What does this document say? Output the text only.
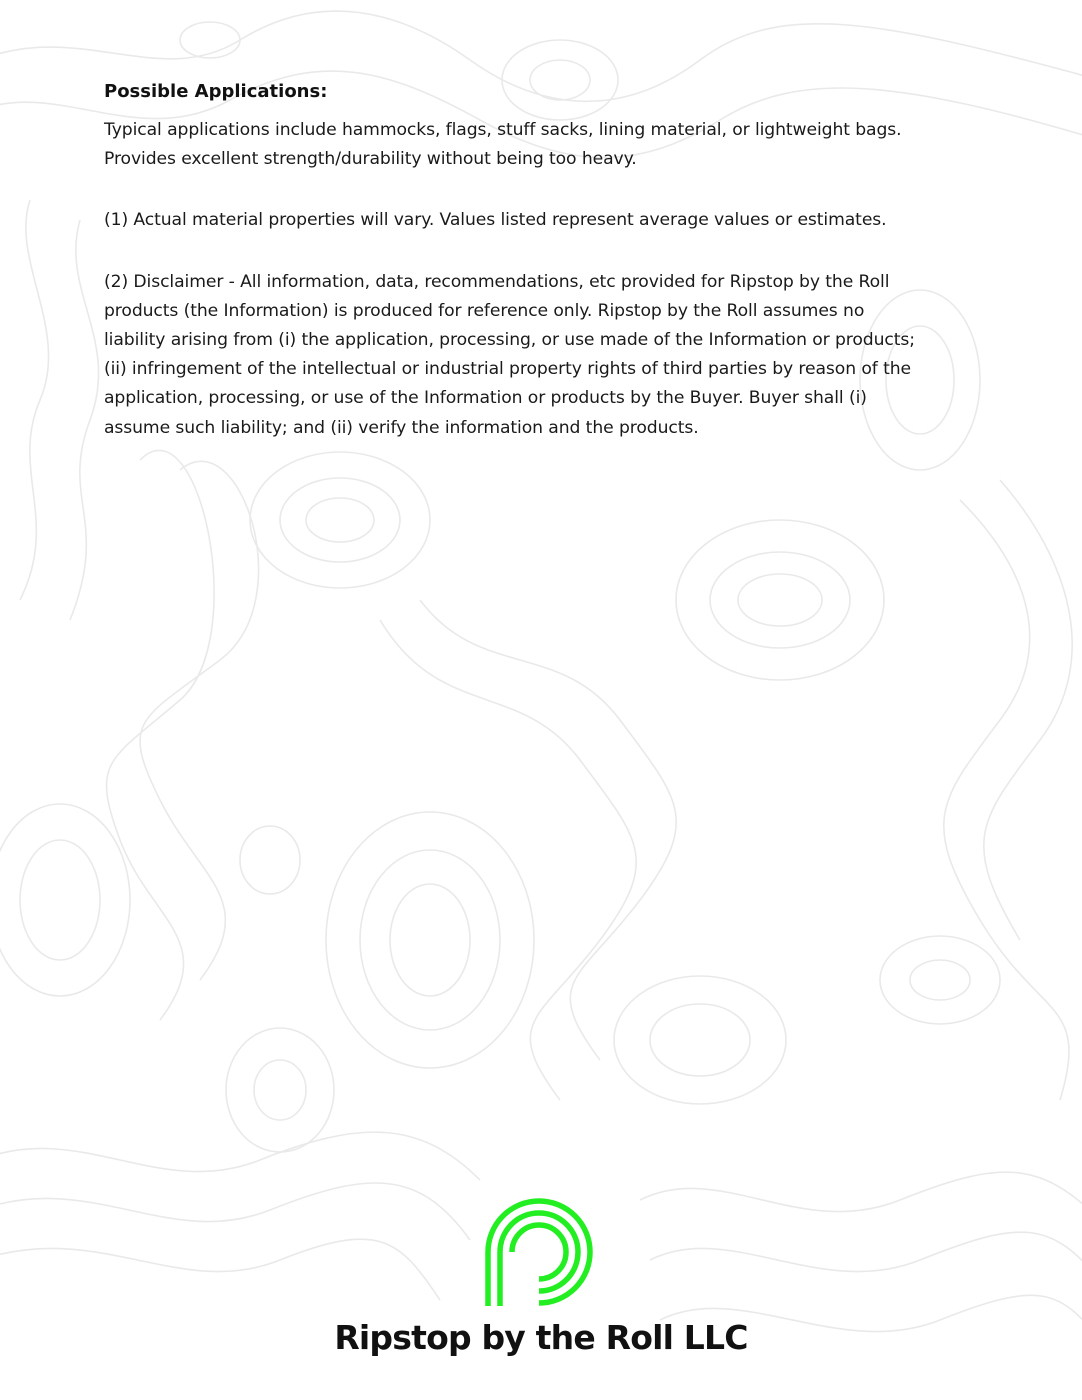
Possible Applications:
Typical applications include hammocks, flags, stuff sacks, lining material, or lightweight bags.
Provides excellent strength/durability without being too heavy.
(1) Actual material properties will vary. Values listed represent average values or estimates.
(2) Disclaimer - All information, data, recommendations, etc provided for Ripstop by the Roll
products (the Information) is produced for reference only. Ripstop by the Roll assumes no
liability arising from (i) the application, processing, or use made of the Information or products;
(ii) infringement of the intellectual or industrial property rights of third parties by reason of the
application, processing, or use of the Information or products by the Buyer. Buyer shall (i)
assume such liability; and (ii) verify the information and the products.
Ripstop by the Roll LLC
